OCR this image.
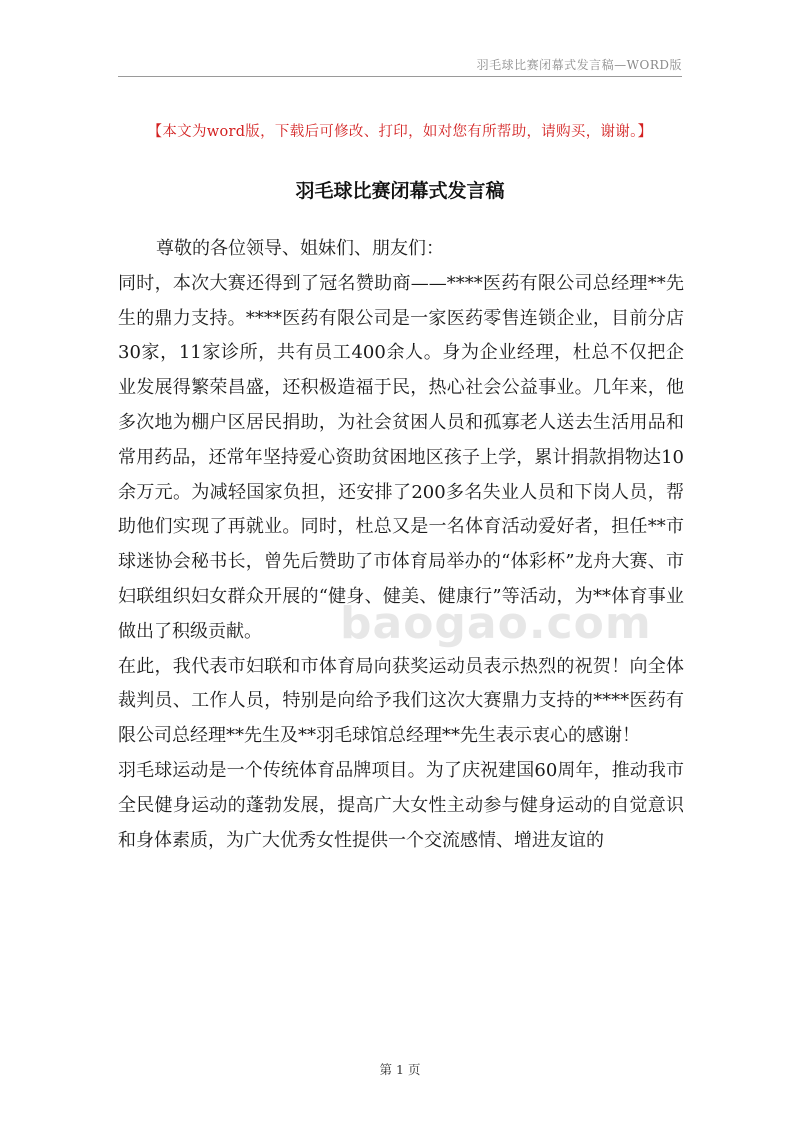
羽毛球比赛闭幕式发言稿—WORD版
【本文为word版，下载后可修改、打印，如对您有所帮助，请购买，谢谢。】
羽毛球比赛闭幕式发言稿

尊敬的各位领导、姐妹们、朋友们：

同时，本次大赛还得到了冠名赞助商——****医药有限公司总经理**先生的鼎力支持。****医药有限公司是一家医药零售连锁企业，目前分店30家，11家诊所，共有员工400余人。身为企业经理，杜总不仅把企业发展得繁荣昌盛，还积极造福于民，热心社会公益事业。几年来，他多次地为棚户区居民捐助，为社会贫困人员和孤寡老人送去生活用品和常用药品，还常年坚持爱心资助贫困地区孩子上学，累计捐款捐物达10余万元。为减轻国家负担，还安排了200多名失业人员和下岗人员，帮助他们实现了再就业。同时，杜总又是一名体育活动爱好者，担任**市球迷协会秘书长，曾先后赞助了市体育局举办的“体彩杯”龙舟大赛、市妇联组织妇女群众开展的“健身、健美、健康行”等活动，为**体育事业做出了积级贡献。

在此，我代表市妇联和市体育局向获奖运动员表示热烈的祝贺！向全体裁判员、工作人员，特别是向给予我们这次大赛鼎力支持的****医药有限公司总经理**先生及**羽毛球馆总经理**先生表示衷心的感谢！

羽毛球运动是一个传统体育品牌项目。为了庆祝建国60周年，推动我市全民健身运动的蓬勃发展，提高广大女性主动参与健身运动的自觉意识和身体素质，为广大优秀女性提供一个交流感情、增进友谊的

baogao.com
第 1 页
